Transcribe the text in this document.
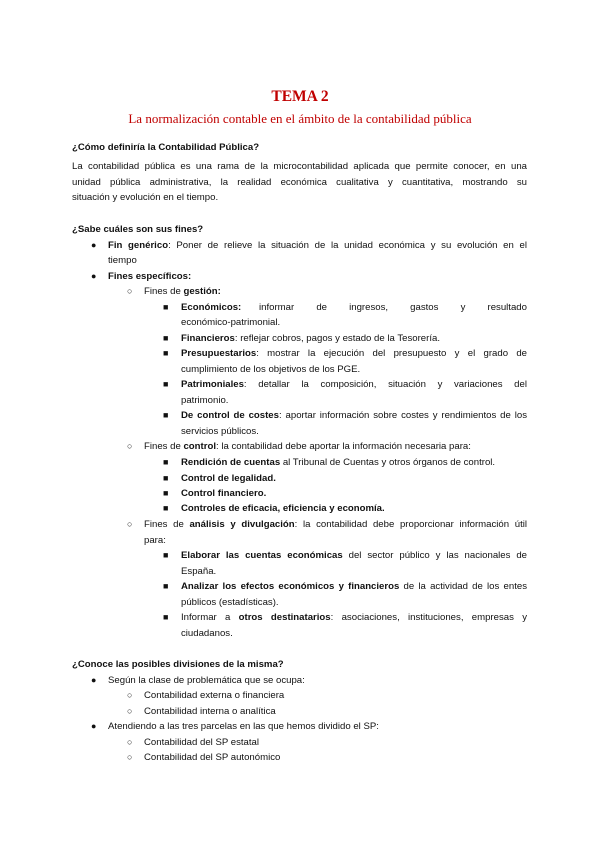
TEMA 2
La normalización contable en el ámbito de la contabilidad pública
¿Cómo definiría la Contabilidad Pública?
La contabilidad pública es una rama de la microcontabilidad aplicada que permite conocer, en una
unidad pública administrativa, la realidad económica cualitativa y cuantitativa, mostrando su
situación y evolución en el tiempo.
¿Sabe cuáles son sus fines?
● Fin genérico: Poner de relieve la situación de la unidad económica y su evolución en el
tiempo
● Fines específicos:
○ Fines de gestión:
■ Económicos: informar de ingresos, gastos y resultado
económico-patrimonial.
■ Financieros: reflejar cobros, pagos y estado de la Tesorería.
■ Presupuestarios: mostrar la ejecución del presupuesto y el grado de
cumplimiento de los objetivos de los PGE.
■ Patrimoniales: detallar la composición, situación y variaciones del
patrimonio.
■ De control de costes: aportar información sobre costes y rendimientos de los
servicios públicos.
○ Fines de control: la contabilidad debe aportar la información necesaria para:
■ Rendición de cuentas al Tribunal de Cuentas y otros órganos de control.
■ Control de legalidad.
■ Control financiero.
■ Controles de eficacia, eficiencia y economía.
○ Fines de análisis y divulgación: la contabilidad debe proporcionar información útil
para:
■ Elaborar las cuentas económicas del sector público y las nacionales de
España.
■ Analizar los efectos económicos y financieros de la actividad de los entes
públicos (estadísticas).
■ Informar a otros destinatarios: asociaciones, instituciones, empresas y
ciudadanos.
¿Conoce las posibles divisiones de la misma?
● Según la clase de problemática que se ocupa:
○ Contabilidad externa o financiera
○ Contabilidad interna o analítica
● Atendiendo a las tres parcelas en las que hemos dividido el SP:
○ Contabilidad del SP estatal
○ Contabilidad del SP autonómico
